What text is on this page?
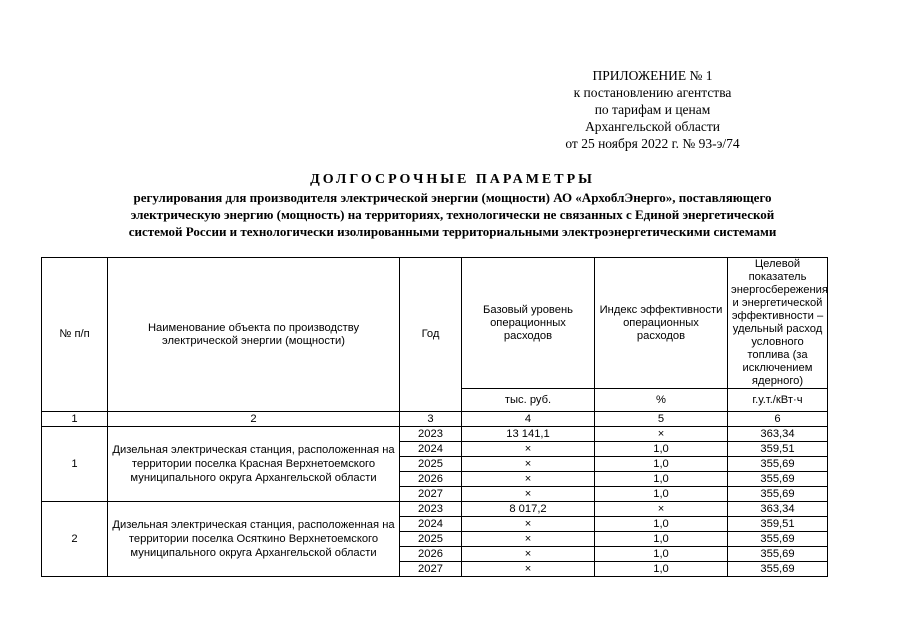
ПРИЛОЖЕНИЕ № 1
к постановлению агентства
по тарифам и ценам
Архангельской области
от 25 ноября 2022 г. № 93-э/74
ДОЛГОСРОЧНЫЕ ПАРАМЕТРЫ
регулирования для производителя электрической энергии (мощности) АО «АрхоблЭнерго», поставляющего
электрическую энергию (мощность) на территориях, технологически не связанных с Единой энергетической
системой России и технологически изолированными территориальными электроэнергетическими системами
№ п/п	Наименование объекта по производству электрической энергии (мощности)	Год	Базовый уровень операционных расходов	Индекс эффективности операционных расходов	Целевой показатель энергосбережения и энергетической эффективности – удельный расход условного топлива (за исключением ядерного)
			тыс. руб.	%	г.у.т./кВт·ч
1	2	3	4	5	6
1	Дизельная электрическая станция, расположенная на территории поселка Красная Верхнетоемского муниципального округа Архангельской области	2023	13 141,1	×	363,34
		2024	×	1,0	359,51
		2025	×	1,0	355,69
		2026	×	1,0	355,69
		2027	×	1,0	355,69
2	Дизельная электрическая станция, расположенная на территории поселка Осяткино Верхнетоемского муниципального округа Архангельской области	2023	8 017,2	×	363,34
		2024	×	1,0	359,51
		2025	×	1,0	355,69
		2026	×	1,0	355,69
		2027	×	1,0	355,69
